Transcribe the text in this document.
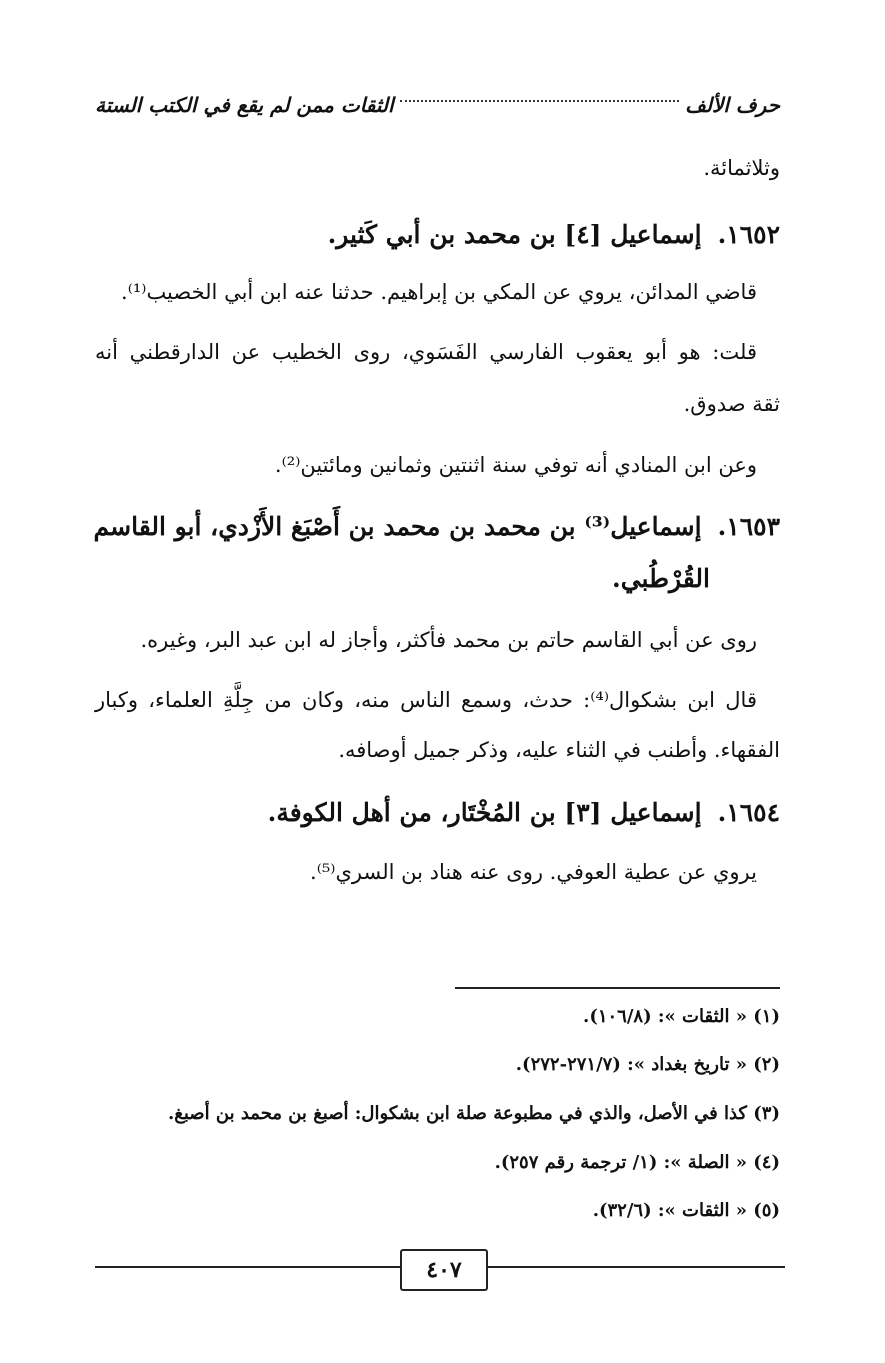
حرف الألف
الثقات ممن لم يقع في الكتب الستة
وثلاثمائة.
١٦٥٢.إسماعيل [٤] بن محمد بن أبي كَثير.
قاضي المدائن، يروي عن المكي بن إبراهيم. حدثنا عنه ابن أبي الخصيب⁽¹⁾.
قلت: هو أبو يعقوب الفارسي الفَسَوي، روى الخطيب عن الدارقطني أنه
ثقة صدوق.
وعن ابن المنادي أنه توفي سنة اثنتين وثمانين ومائتين⁽²⁾.
١٦٥٣.إسماعيل⁽³⁾ بن محمد بن محمد بن أَصْبَغ الأَزْدي، أبو القاسم
القُرْطُبي.
روى عن أبي القاسم حاتم بن محمد فأكثر، وأجاز له ابن عبد البر، وغيره.
قال ابن بشكوال⁽⁴⁾: حدث، وسمع الناس منه، وكان من جِلَّةِ العلماء، وكبار
الفقهاء. وأطنب في الثناء عليه، وذكر جميل أوصافه.
١٦٥٤.إسماعيل [٣] بن المُخْتَار، من أهل الكوفة.
يروي عن عطية العوفي. روى عنه هناد بن السري⁽⁵⁾.
(١) « الثقات »: (١٠٦/٨).
(٢) « تاريخ بغداد »: (٢٧١/٧-٢٧٢).
(٣) كذا في الأصل، والذي في مطبوعة صلة ابن بشكوال: أصبغ بن محمد بن أصبغ.
(٤) « الصلة »: (١/ ترجمة رقم ٢٥٧).
(٥) « الثقات »: (٣٢/٦).
٤٠٧
